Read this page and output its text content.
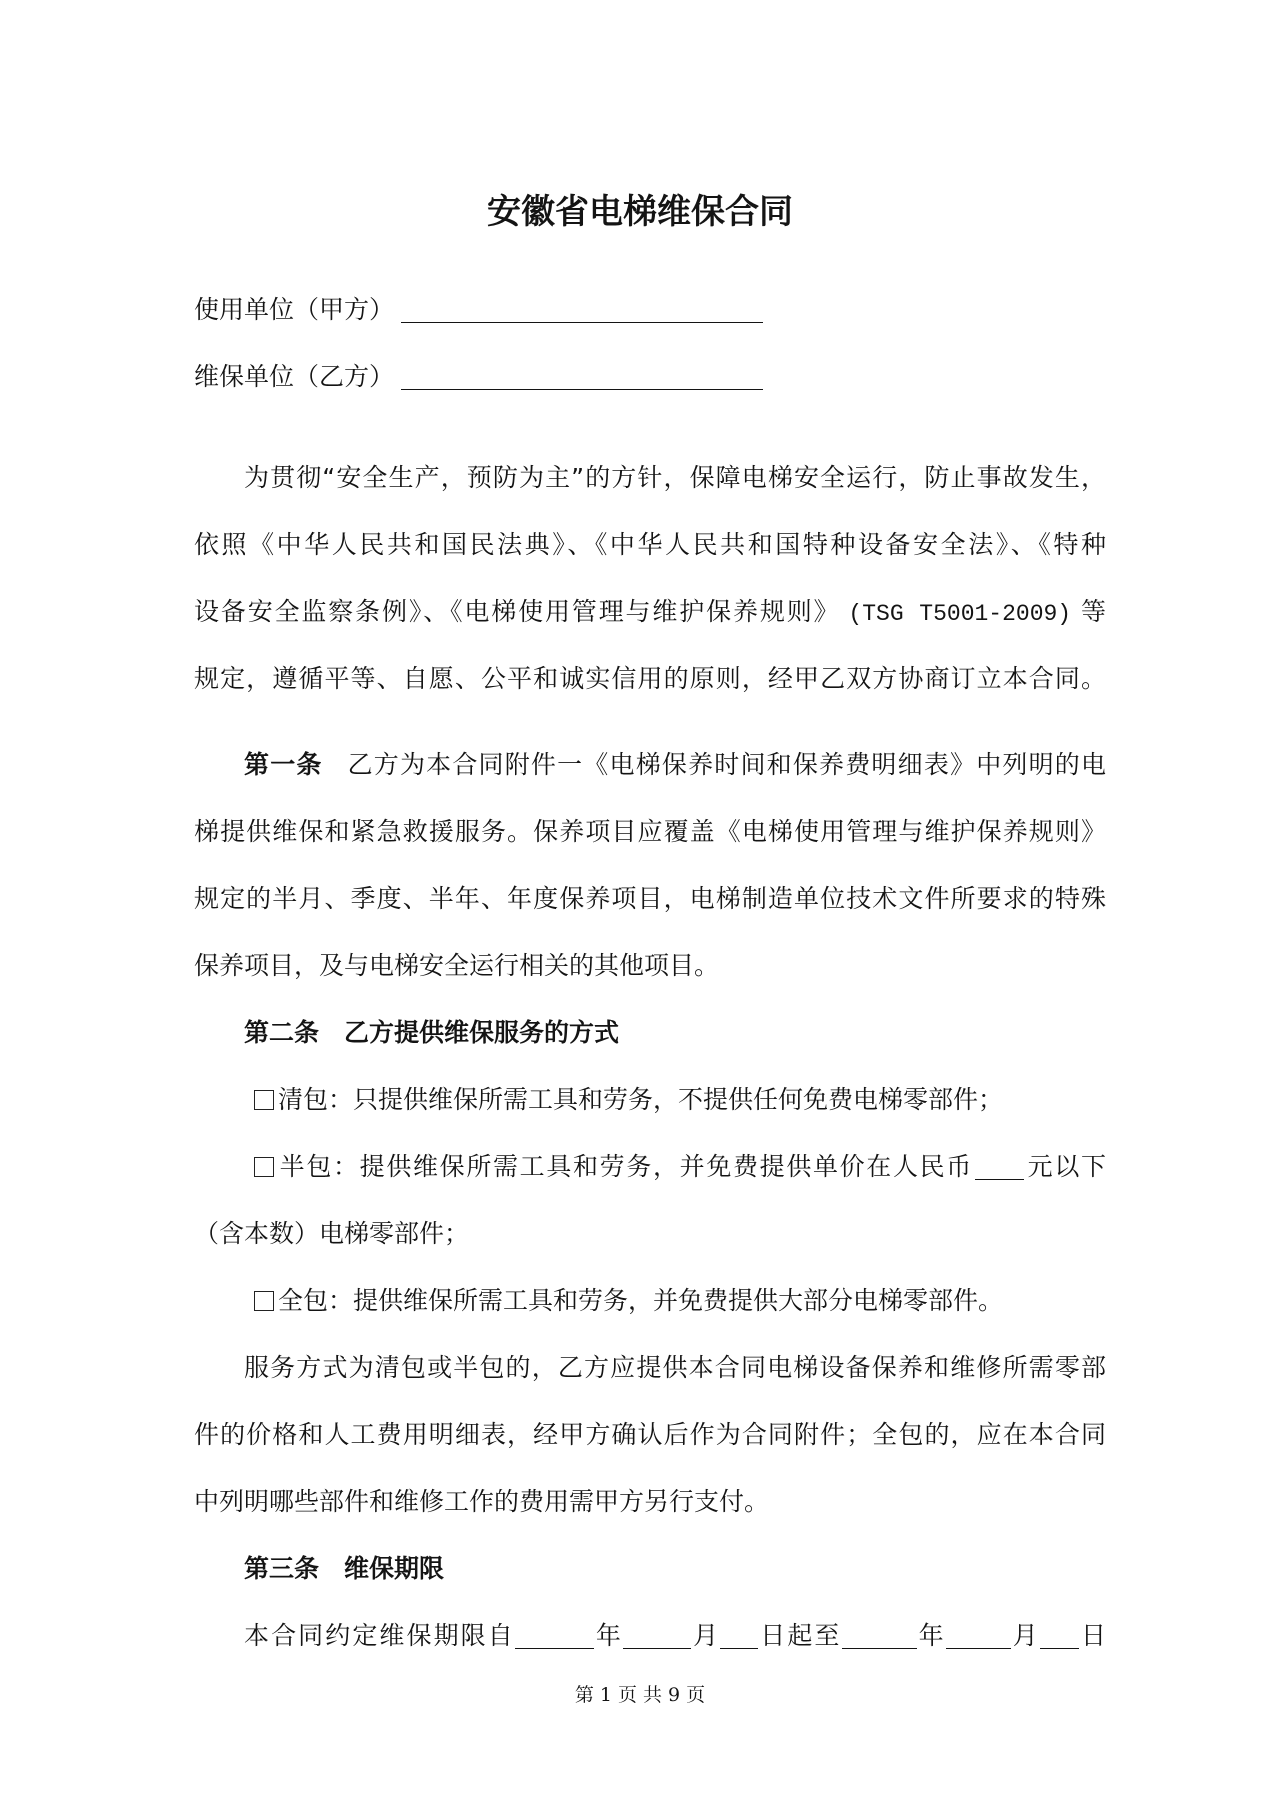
安徽省电梯维保合同
使用单位（甲方）
维保单位（乙方）
为贯彻“安全生产，预防为主”的方针，保障电梯安全运行，防止事故发生，
依照《中华人民共和国民法典》、《中华人民共和国特种设备安全法》、《特种
设备安全监察条例》、《电梯使用管理与维护保养规则》 (TSG T5001-2009) 等
规定，遵循平等、自愿、公平和诚实信用的原则，经甲乙双方协商订立本合同。
第一条 乙方为本合同附件一《电梯保养时间和保养费明细表》中列明的电
梯提供维保和紧急救援服务。保养项目应覆盖《电梯使用管理与维护保养规则》
规定的半月、季度、半年、年度保养项目，电梯制造单位技术文件所要求的特殊
保养项目，及与电梯安全运行相关的其他项目。
第二条 乙方提供维保服务的方式
清包：只提供维保所需工具和劳务，不提供任何免费电梯零部件；
半包：提供维保所需工具和劳务，并免费提供单价在人民币 元以下
（含本数）电梯零部件；
全包：提供维保所需工具和劳务，并免费提供大部分电梯零部件。
服务方式为清包或半包的，乙方应提供本合同电梯设备保养和维修所需零部
件的价格和人工费用明细表，经甲方确认后作为合同附件；全包的，应在本合同
中列明哪些部件和维修工作的费用需甲方另行支付。
第三条 维保期限
本合同约定维保期限自	年	月 日起至	年	月 日
第 1 页 共 9 页
